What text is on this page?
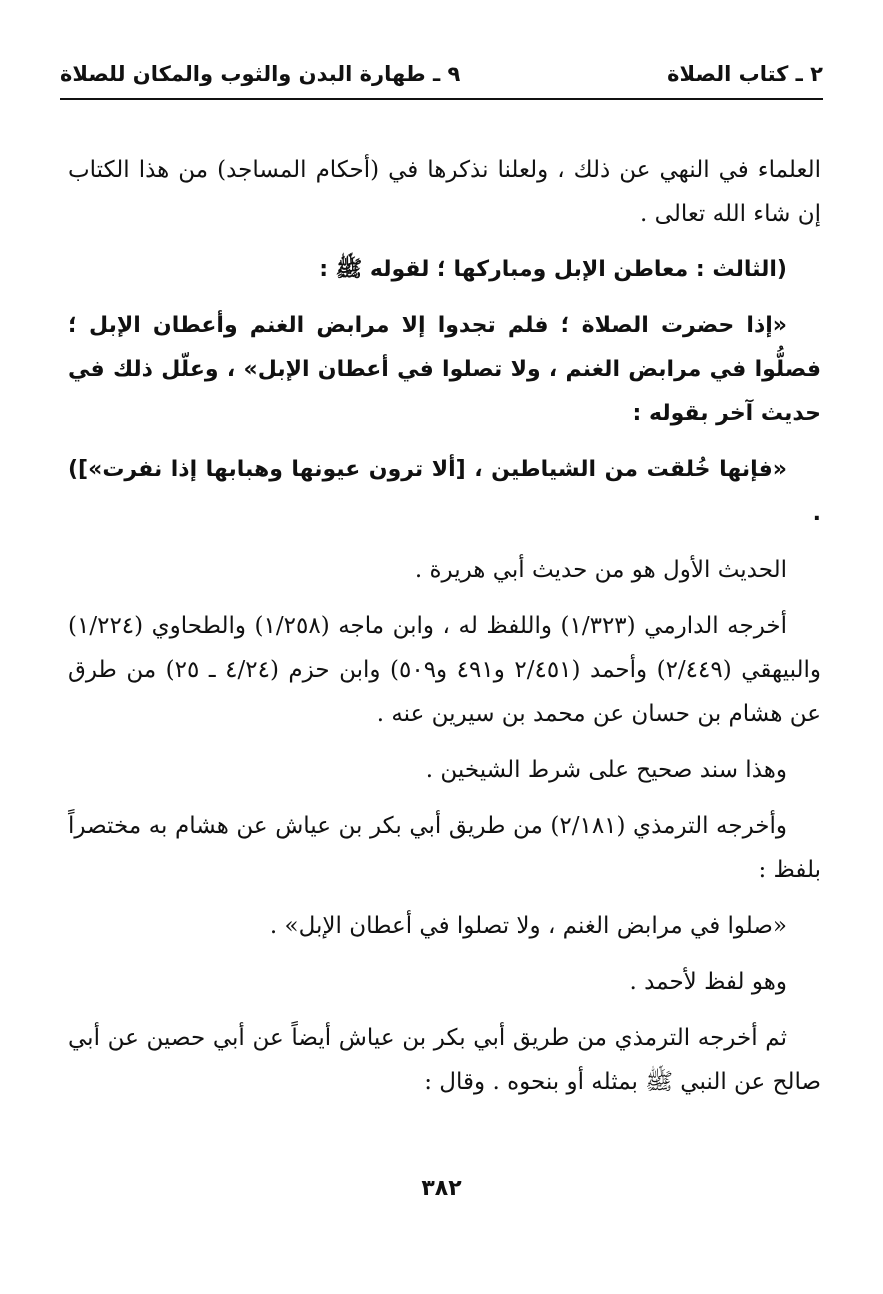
٢ ـ كتاب الصلاة
٩ ـ طهارة البدن والثوب والمكان للصلاة

العلماء في النهي عن ذلك ، ولعلنا نذكرها في (أحكام المساجد) من هذا الكتاب إن شاء الله تعالى .

(الثالث : معاطن الإبل ومباركها ؛ لقوله ﷺ :

«إذا حضرت الصلاة ؛ فلم تجدوا إلا مرابض الغنم وأعطان الإبل ؛ فصلُّوا في مرابض الغنم ، ولا تصلوا في أعطان الإبل» ، وعلّل ذلك في حديث آخر بقوله :

«فإنها خُلقت من الشياطين ، [ألا ترون عيونها وهبابها إذا نفرت»]) .

الحديث الأول هو من حديث أبي هريرة .

أخرجه الدارمي (١/٣٢٣) واللفظ له ، وابن ماجه (١/٢٥٨) والطحاوي (١/٢٢٤) والبيهقي (٢/٤٤٩) وأحمد (٢/٤٥١ و٤٩١ و٥٠٩) وابن حزم (٤/٢٤ ـ ٢٥) من طرق عن هشام بن حسان عن محمد بن سيرين عنه .

وهذا سند صحيح على شرط الشيخين .

وأخرجه الترمذي (٢/١٨١) من طريق أبي بكر بن عياش عن هشام به مختصراً بلفظ :

«صلوا في مرابض الغنم ، ولا تصلوا في أعطان الإبل» .

وهو لفظ لأحمد .

ثم أخرجه الترمذي من طريق أبي بكر بن عياش أيضاً عن أبي حصين عن أبي صالح عن النبي ﷺ بمثله أو بنحوه . وقال :

٣٨٢
